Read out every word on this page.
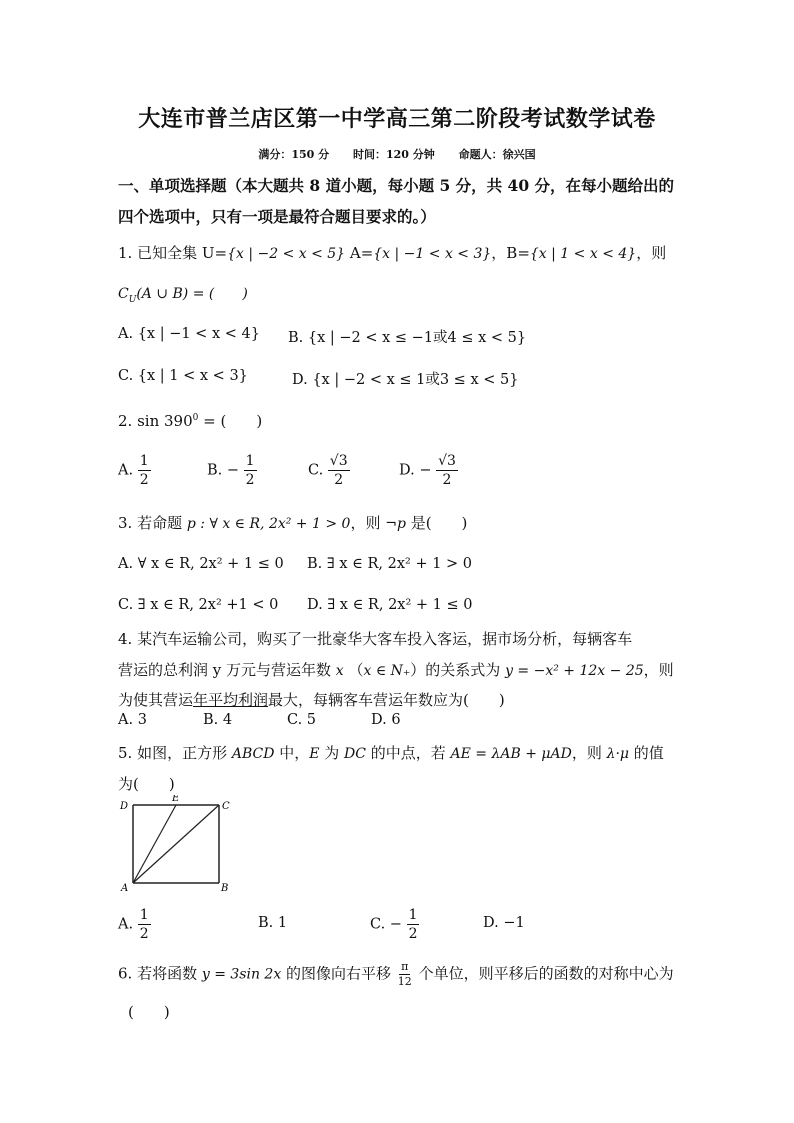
大连市普兰店区第一中学高三第二阶段考试数学试卷
满分：150 分 时间：120 分钟 命题人：徐兴国
一、单项选择题（本大题共 8 道小题，每小题 5 分，共 40 分，在每小题给出的
四个选项中，只有一项是最符合题目要求的。）
1. 已知全集 U={x | −2 < x < 5} A={x | −1 < x < 3}，B={x | 1 < x < 4}，则
$C_U(A$ ∪ B) = (　　)
A. {x | −1 < x < 4} B. {x | −2 < x ≤ −1或4 ≤ x < 5}
C. {x | 1 < x < 3}	D. {x | −2 < x ≤ 1或3 ≤ x < 5}
2. $\sin 390^0$ = (　　)
A. $\frac{1}{2}$	B. − $\frac{1}{2}$	C. $\frac{√3}{2}$	D. − $\frac{√3}{2}$
3. 若命题 p : ∀ x ∈ R, 2x² + 1 > 0，则 ¬p 是(　　)
A. ∀ x ∈ R, 2x² + 1 ≤ 0 B. ∃ x ∈ R, 2x² + 1 > 0
C. ∃ x ∈ R, 2x² +1 < 0 D. ∃ x ∈ R, 2x² + 1 ≤ 0
4. 某汽车运输公司，购买了一批豪华大客车投入客运，据市场分析，每辆客车
营运的总利润 y 万元与营运年数 x （x ∈ N₊）的关系式为 y = −x² + 12x − 25，则
为使其营运年平均利润最大，每辆客车营运年数应为(　　)
A. 3	B. 4	C. 5	D. 6
5. 如图，正方形 ABCD 中，E 为 DC 的中点，若 AE = λAB + μAD，则 λ·μ 的值
为(　　)
D
E
C
A	B
A. $\frac{1}{2}$	B. 1	C. − $\frac{1}{2}$	D. −1
6. 若将函数 y = 3sin 2x 的图像向右平移 $\frac{\pi}{12}$ 个单位，则平移后的函数的对称中心为
(　　)
